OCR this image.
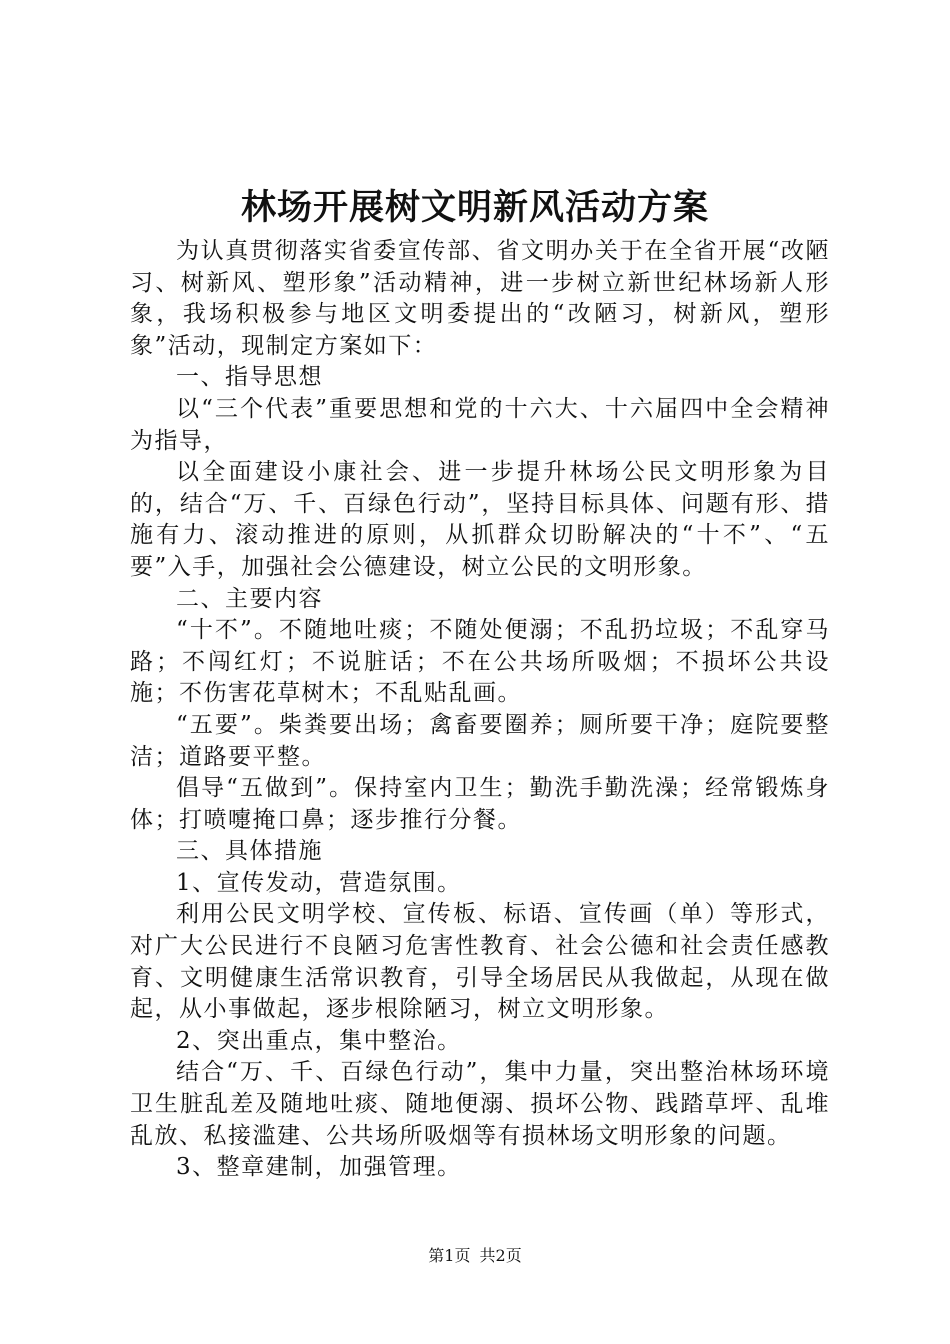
林场开展树文明新风活动方案

为认真贯彻落实省委宣传部、省文明办关于在全省开展“改陋习、树新风、塑形象”活动精神，进一步树立新世纪林场新人形象，我场积极参与地区文明委提出的“改陋习，树新风，塑形象”活动，现制定方案如下：

一、指导思想

以“三个代表”重要思想和党的十六大、十六届四中全会精神为指导，

以全面建设小康社会、进一步提升林场公民文明形象为目的，结合“万、千、百绿色行动”，坚持目标具体、问题有形、措施有力、滚动推进的原则，从抓群众切盼解决的“十不”、“五要”入手，加强社会公德建设，树立公民的文明形象。

二、主要内容

“十不”。不随地吐痰；不随处便溺；不乱扔垃圾；不乱穿马路；不闯红灯；不说脏话；不在公共场所吸烟；不损坏公共设施；不伤害花草树木；不乱贴乱画。

“五要”。柴粪要出场；禽畜要圈养；厕所要干净；庭院要整洁；道路要平整。

倡导“五做到”。保持室内卫生；勤洗手勤洗澡；经常锻炼身体；打喷嚏掩口鼻；逐步推行分餐。

三、具体措施

1、宣传发动，营造氛围。

利用公民文明学校、宣传板、标语、宣传画（单）等形式，对广大公民进行不良陋习危害性教育、社会公德和社会责任感教育、文明健康生活常识教育，引导全场居民从我做起，从现在做起，从小事做起，逐步根除陋习，树立文明形象。

2、突出重点，集中整治。

结合“万、千、百绿色行动”，集中力量，突出整治林场环境卫生脏乱差及随地吐痰、随地便溺、损坏公物、践踏草坪、乱堆乱放、私接滥建、公共场所吸烟等有损林场文明形象的问题。

3、整章建制，加强管理。

第1页 共2页
